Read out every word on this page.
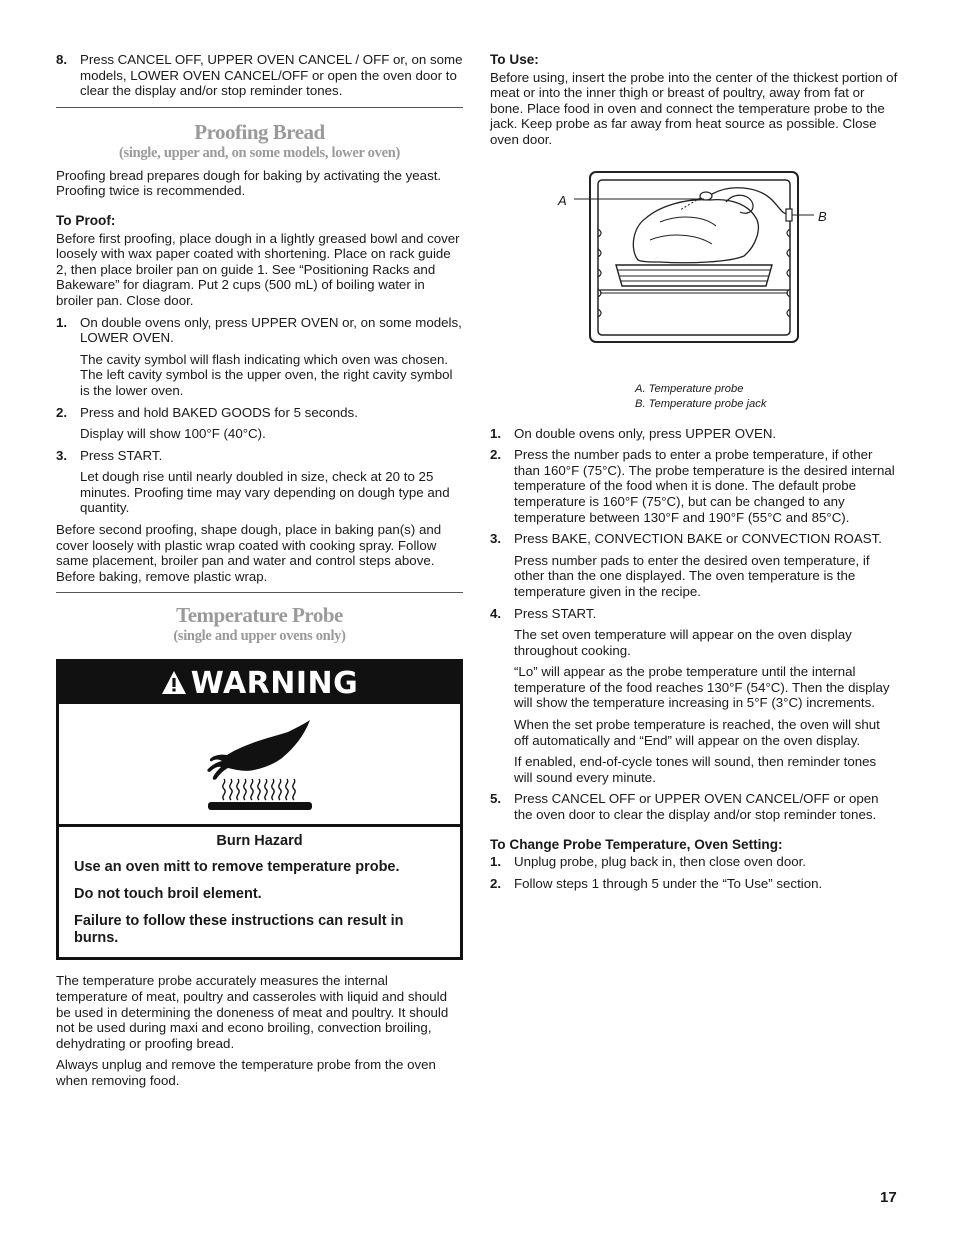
8. Press CANCEL OFF, UPPER OVEN CANCEL / OFF or, on some models, LOWER OVEN CANCEL/OFF or open the oven door to clear the display and/or stop reminder tones.
Proofing Bread
(single, upper and, on some models, lower oven)

Proofing bread prepares dough for baking by activating the yeast. Proofing twice is recommended.

To Proof:

Before first proofing, place dough in a lightly greased bowl and cover loosely with wax paper coated with shortening. Place on rack guide 2, then place broiler pan on guide 1. See “Positioning Racks and Bakeware” for diagram. Put 2 cups (500 mL) of boiling water in broiler pan. Close door.

1. On double ovens only, press UPPER OVEN or, on some models, LOWER OVEN.

The cavity symbol will flash indicating which oven was chosen. The left cavity symbol is the upper oven, the right cavity symbol is the lower oven.

2. Press and hold BAKED GOODS for 5 seconds.

Display will show 100°F (40°C).

3. Press START.

Let dough rise until nearly doubled in size, check at 20 to 25 minutes. Proofing time may vary depending on dough type and quantity.

Before second proofing, shape dough, place in baking pan(s) and cover loosely with plastic wrap coated with cooking spray. Follow same placement, broiler pan and water and control steps above. Before baking, remove plastic wrap.

Temperature Probe
(single and upper ovens only)
WARNING
Burn Hazard
Use an oven mitt to remove temperature probe.
Do not touch broil element.
Failure to follow these instructions can result in burns.

The temperature probe accurately measures the internal temperature of meat, poultry and casseroles with liquid and should be used in determining the doneness of meat and poultry. It should not be used during maxi and econo broiling, convection broiling, dehydrating or proofing bread.

Always unplug and remove the temperature probe from the oven when removing food.

To Use:

Before using, insert the probe into the center of the thickest portion of meat or into the inner thigh or breast of poultry, away from fat or bone. Place food in oven and connect the temperature probe to the jack. Keep probe as far away from heat source as possible. Close oven door.

A
B
A. Temperature probe
B. Temperature probe jack
1. On double ovens only, press UPPER OVEN.
2. Press the number pads to enter a probe temperature, if other than 160°F (75°C). The probe temperature is the desired internal temperature of the food when it is done. The default probe temperature is 160°F (75°C), but can be changed to any temperature between 130°F and 190°F (55°C and 85°C).
3. Press BAKE, CONVECTION BAKE or CONVECTION ROAST.

Press number pads to enter the desired oven temperature, if other than the one displayed. The oven temperature is the temperature given in the recipe.

4. Press START.

The set oven temperature will appear on the oven display throughout cooking.

“Lo” will appear as the probe temperature until the internal temperature of the food reaches 130°F (54°C). Then the display will show the temperature increasing in 5°F (3°C) increments.

When the set probe temperature is reached, the oven will shut off automatically and “End” will appear on the oven display.

If enabled, end-of-cycle tones will sound, then reminder tones will sound every minute.

5. Press CANCEL OFF or UPPER OVEN CANCEL/OFF or open the oven door to clear the display and/or stop reminder tones.
To Change Probe Temperature, Oven Setting:
1. Unplug probe, plug back in, then close oven door.
2. Follow steps 1 through 5 under the “To Use” section.
17
